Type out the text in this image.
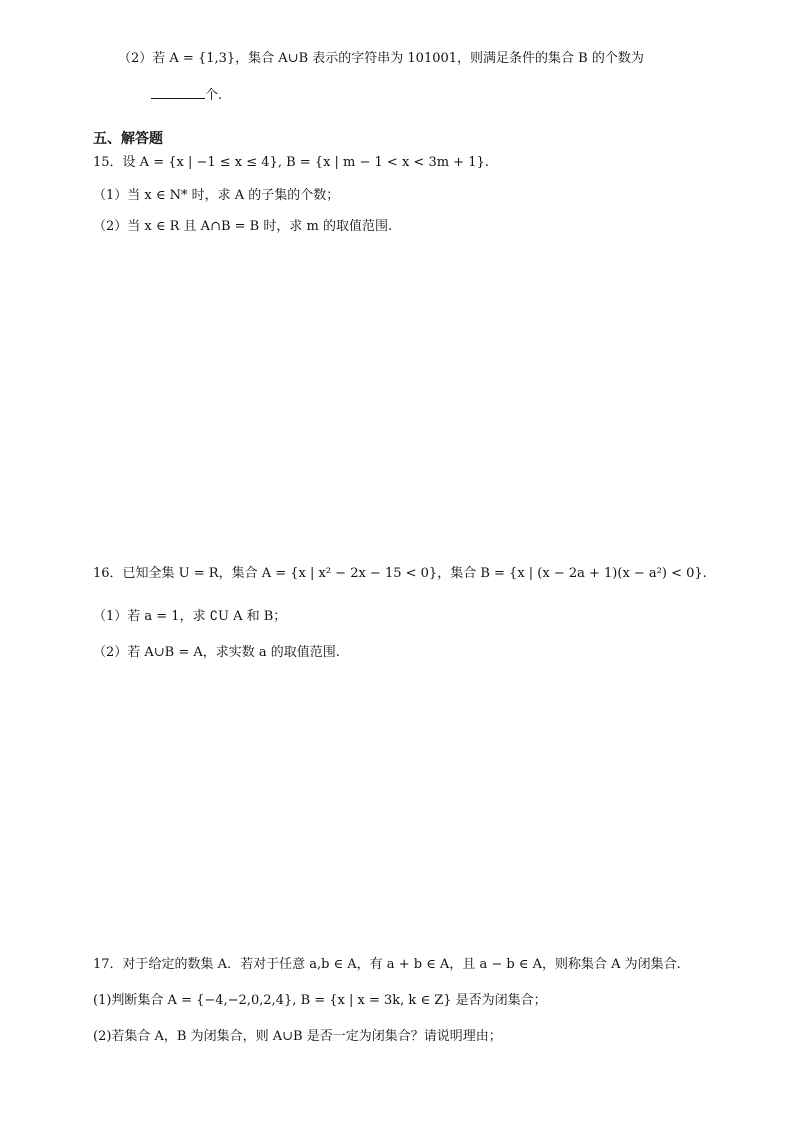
（2）若 A = {1,3}，集合 A∪B 表示的字符串为 101001，则满足条件的集合 B 的个数为
个.
五、解答题
15．设 A = {x | −1 ≤ x ≤ 4}, B = {x | m − 1 < x < 3m + 1}.
（1）当 x ∈ N* 时，求 A 的子集的个数；
（2）当 x ∈ R 且 A∩B = B 时，求 m 的取值范围.
16．已知全集 U = R，集合 A = {x | x² − 2x − 15 < 0}，集合 B = {x | (x − 2a + 1)(x − a²) < 0}.
（1）若 a = 1，求 ∁U A 和 B；
（2）若 A∪B = A，求实数 a 的取值范围.
17．对于给定的数集 A．若对于任意 a,b ∈ A，有 a + b ∈ A，且 a − b ∈ A，则称集合 A 为闭集合.
(1)判断集合 A = {−4,−2,0,2,4}, B = {x | x = 3k, k ∈ Z} 是否为闭集合；
(2)若集合 A，B 为闭集合，则 A∪B 是否一定为闭集合？请说明理由；
